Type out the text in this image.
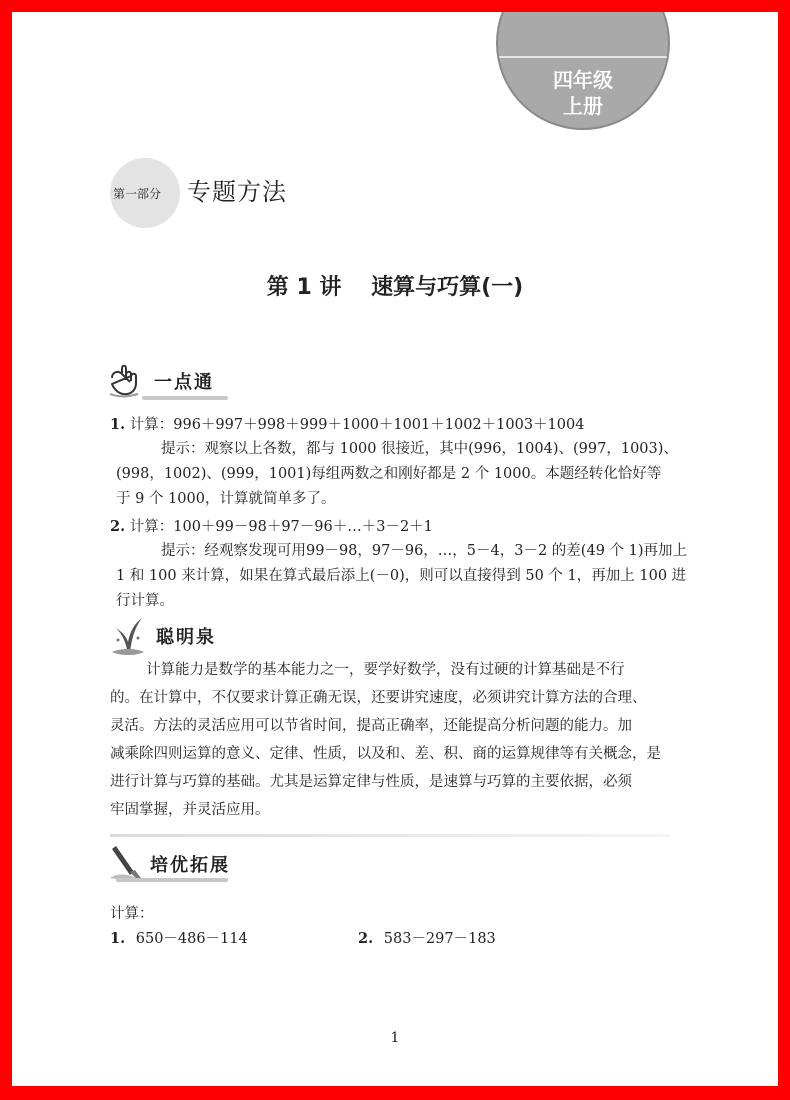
四年级
上册
第一部分 专题方法
第 1 讲　 速算与巧算(一)
一点通
1. 计算：996＋997＋998＋999＋1000＋1001＋1002＋1003＋1004
提示：观察以上各数，都与 1000 很接近，其中(996，1004)、(997，1003)、
(998，1002)、(999，1001)每组两数之和刚好都是 2 个 1000。本题经转化恰好等
于 9 个 1000，计算就简单多了。
2. 计算：100＋99－98＋97－96＋…＋3－2＋1
提示：经观察发现可用99－98，97－96，…，5－4，3－2 的差(49 个 1)再加上
1 和 100 来计算，如果在算式最后添上(－0)，则可以直接得到 50 个 1，再加上 100 进
行计算。
聪明泉
计算能力是数学的基本能力之一，要学好数学，没有过硬的计算基础是不行
的。在计算中，不仅要求计算正确无误，还要讲究速度，必须讲究计算方法的合理、
灵活。方法的灵活应用可以节省时间，提高正确率，还能提高分析问题的能力。加
减乘除四则运算的意义、定律、性质，以及和、差、积、商的运算规律等有关概念，是
进行计算与巧算的基础。尤其是运算定律与性质，是速算与巧算的主要依据，必须
牢固掌握，并灵活应用。
培优拓展
计算：
1. 650－486－114	2. 583－297－183
1
